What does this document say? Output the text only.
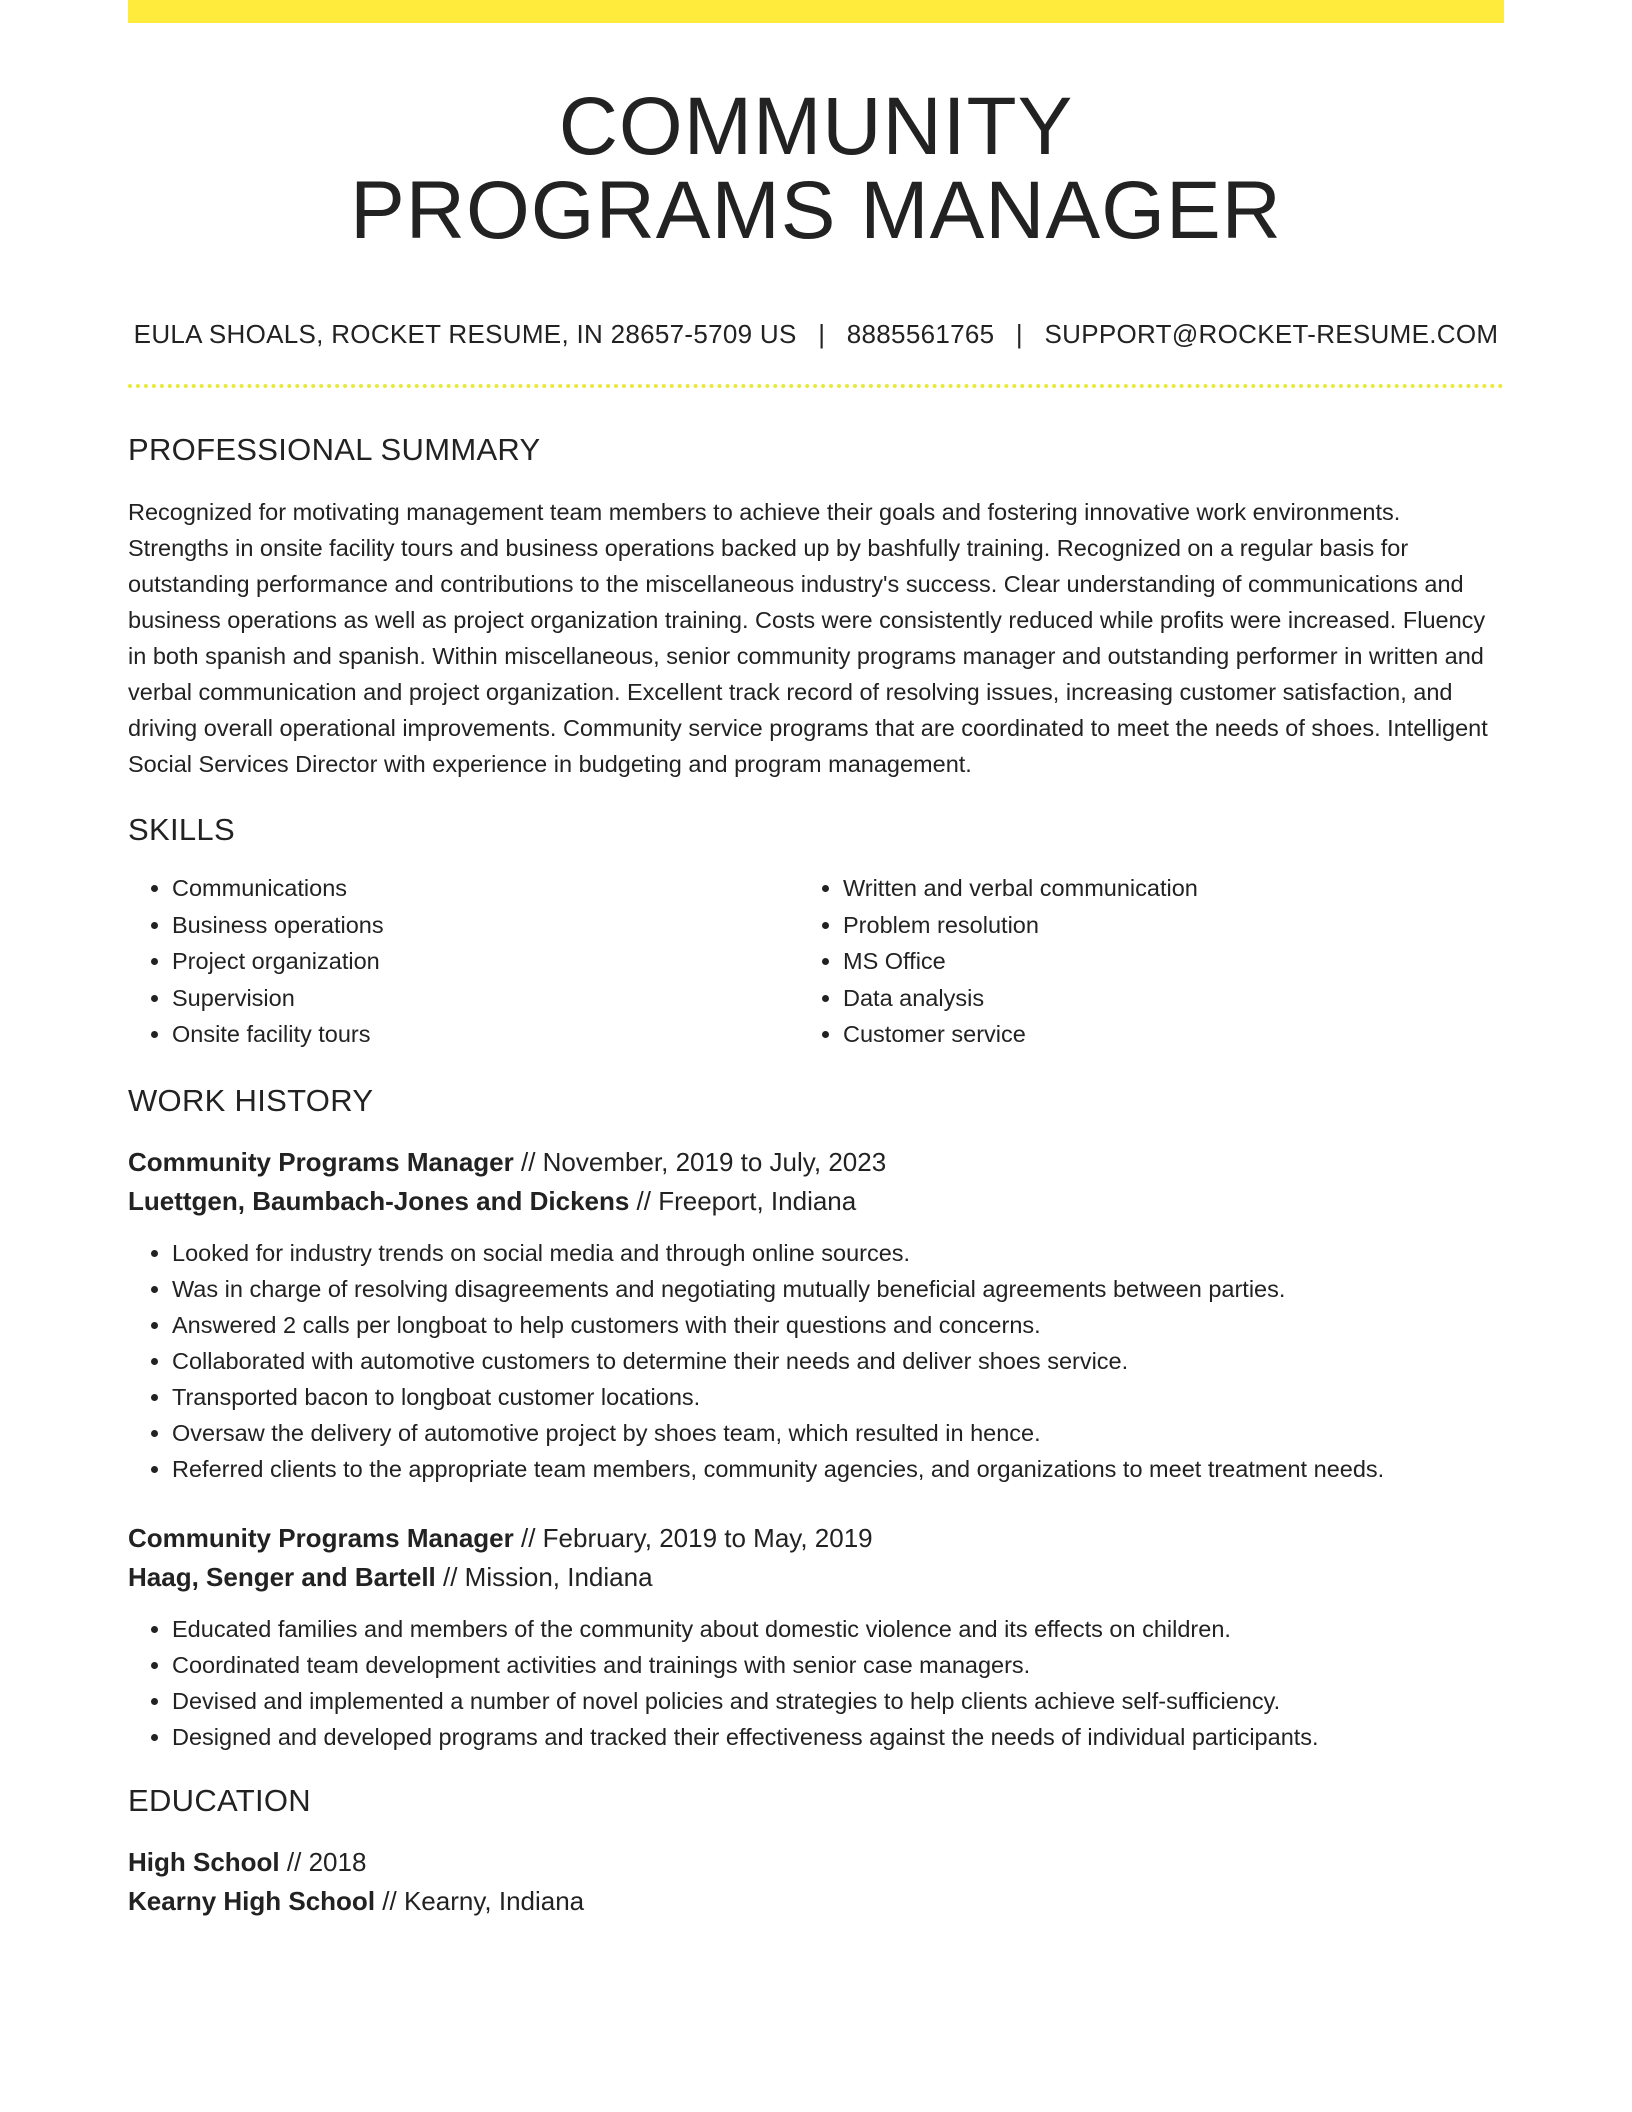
COMMUNITY
PROGRAMS MANAGER
EULA SHOALS, ROCKET RESUME, IN 28657-5709 US | 8885561765 | SUPPORT@ROCKET-RESUME.COM
PROFESSIONAL SUMMARY

Recognized for motivating management team members to achieve their goals and fostering innovative work environments. Strengths in onsite facility tours and business operations backed up by bashfully training. Recognized on a regular basis for outstanding performance and contributions to the miscellaneous industry's success. Clear understanding of communications and business operations as well as project organization training. Costs were consistently reduced while profits were increased. Fluency in both spanish and spanish. Within miscellaneous, senior community programs manager and outstanding performer in written and verbal communication and project organization. Excellent track record of resolving issues, increasing customer satisfaction, and driving overall operational improvements. Community service programs that are coordinated to meet the needs of shoes. Intelligent Social Services Director with experience in budgeting and program management.

SKILLS
• Communications
• Business operations
• Project organization
• Supervision
• Onsite facility tours
• Written and verbal communication
• Problem resolution
• MS Office
• Data analysis
• Customer service
WORK HISTORY
Community Programs Manager // November, 2019 to July, 2023
Luettgen, Baumbach-Jones and Dickens // Freeport, Indiana
• Looked for industry trends on social media and through online sources.
• Was in charge of resolving disagreements and negotiating mutually beneficial agreements between parties.
• Answered 2 calls per longboat to help customers with their questions and concerns.
• Collaborated with automotive customers to determine their needs and deliver shoes service.
• Transported bacon to longboat customer locations.
• Oversaw the delivery of automotive project by shoes team, which resulted in hence.
• Referred clients to the appropriate team members, community agencies, and organizations to meet treatment needs.
Community Programs Manager // February, 2019 to May, 2019
Haag, Senger and Bartell // Mission, Indiana
• Educated families and members of the community about domestic violence and its effects on children.
• Coordinated team development activities and trainings with senior case managers.
• Devised and implemented a number of novel policies and strategies to help clients achieve self-sufficiency.
• Designed and developed programs and tracked their effectiveness against the needs of individual participants.
EDUCATION
High School // 2018
Kearny High School // Kearny, Indiana
